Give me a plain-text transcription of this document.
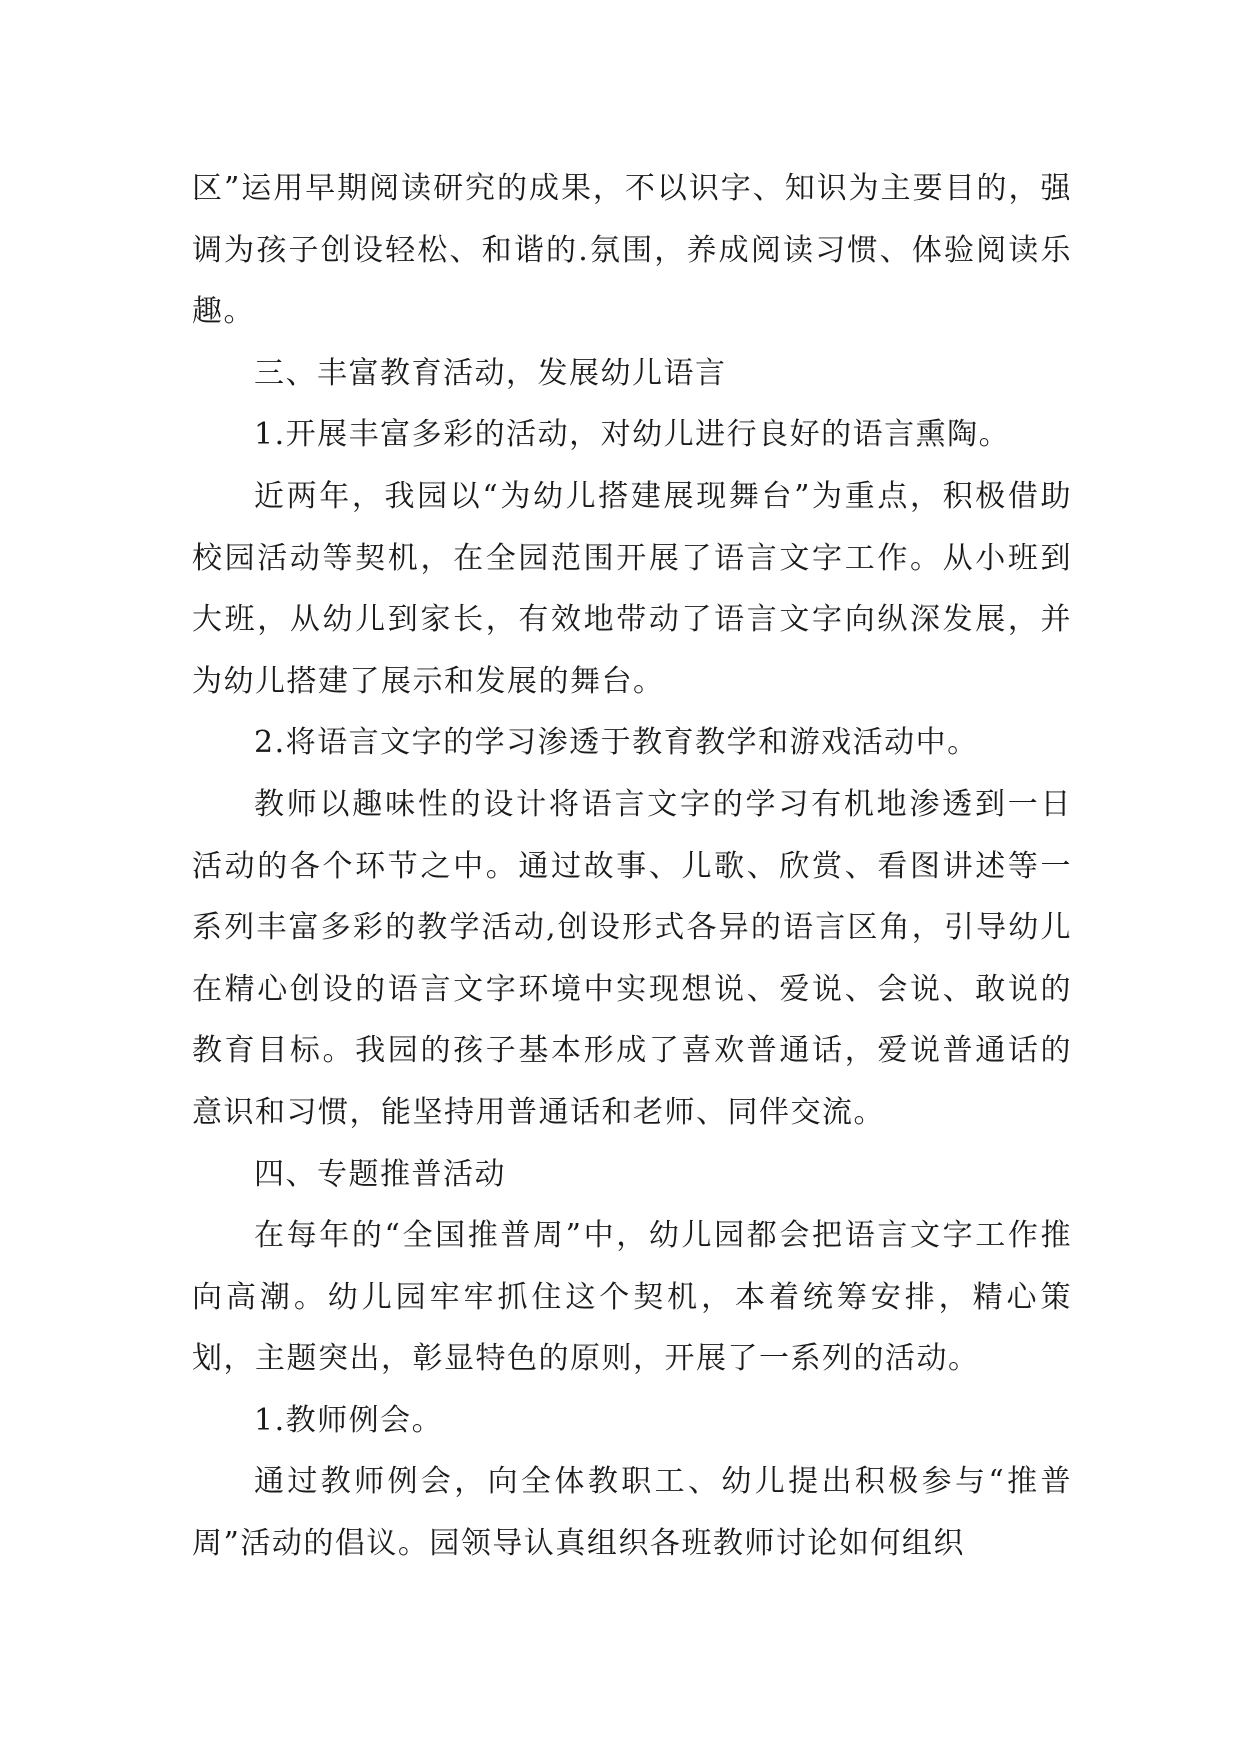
区”运用早期阅读研究的成果，不以识字、知识为主要目的，强调为孩子创设轻松、和谐的.氛围，养成阅读习惯、体验阅读乐趣。

三、丰富教育活动，发展幼儿语言

1.开展丰富多彩的活动，对幼儿进行良好的语言熏陶。

近两年，我园以“为幼儿搭建展现舞台”为重点，积极借助校园活动等契机，在全园范围开展了语言文字工作。从小班到大班，从幼儿到家长，有效地带动了语言文字向纵深发展，并为幼儿搭建了展示和发展的舞台。

2.将语言文字的学习渗透于教育教学和游戏活动中。

教师以趣味性的设计将语言文字的学习有机地渗透到一日活动的各个环节之中。通过故事、儿歌、欣赏、看图讲述等一系列丰富多彩的教学活动,创设形式各异的语言区角，引导幼儿在精心创设的语言文字环境中实现想说、爱说、会说、敢说的教育目标。我园的孩子基本形成了喜欢普通话，爱说普通话的意识和习惯，能坚持用普通话和老师、同伴交流。

四、专题推普活动

在每年的“全国推普周”中，幼儿园都会把语言文字工作推向高潮。幼儿园牢牢抓住这个契机，本着统筹安排，精心策划，主题突出，彰显特色的原则，开展了一系列的活动。

1.教师例会。

通过教师例会，向全体教职工、幼儿提出积极参与“推普周”活动的倡议。园领导认真组织各班教师讨论如何组织
